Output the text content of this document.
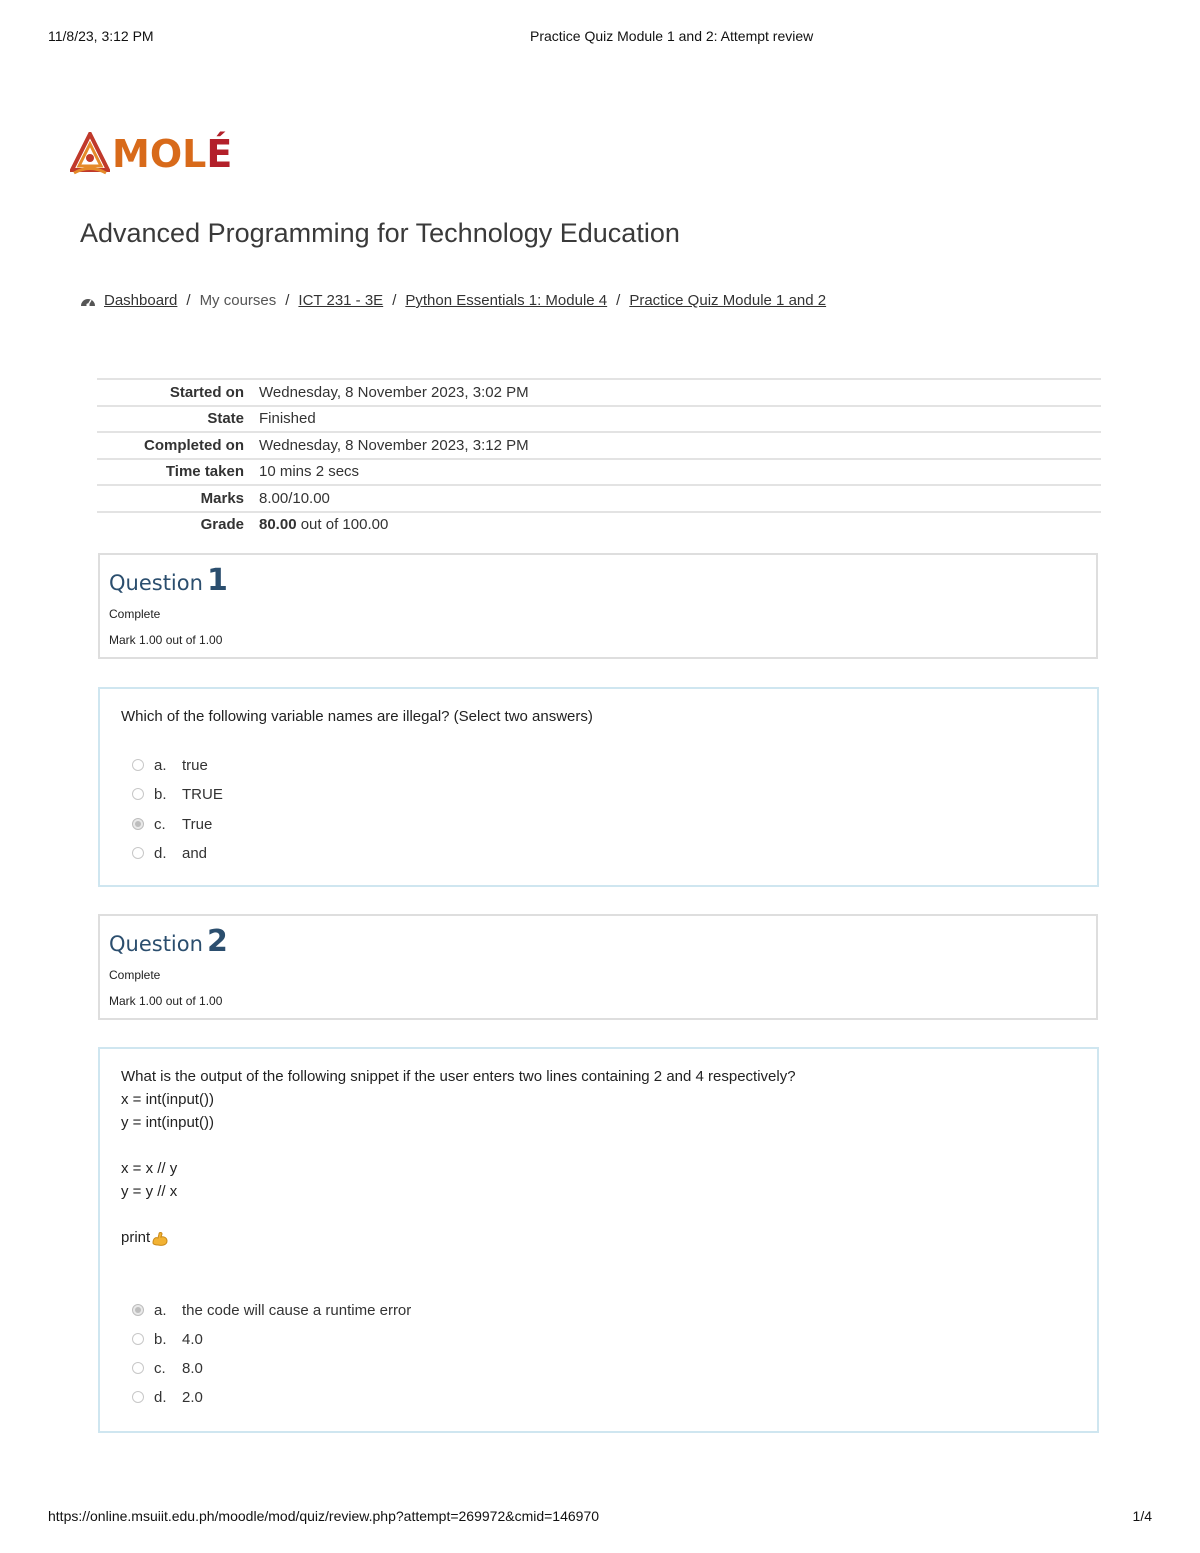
11/8/23, 3:12 PM	Practice Quiz Module 1 and 2: Attempt review
MOLÉ
Advanced Programming for Technology Education
Dashboard / My courses / ICT 231 - 3E / Python Essentials 1: Module 4 / Practice Quiz Module 1 and 2
Started on	Wednesday, 8 November 2023, 3:02 PM
State	Finished
Completed on	Wednesday, 8 November 2023, 3:12 PM
Time taken	10 mins 2 secs
Marks	8.00/10.00
Grade	80.00 out of 100.00
Question 1
Complete
Mark 1.00 out of 1.00
Which of the following variable names are illegal? (Select two answers)
a.	true
b.	TRUE
c.	True
d.	and
Question 2
Complete
Mark 1.00 out of 1.00
What is the output of the following snippet if the user enters two lines containing 2 and 4 respectively?
x = int(input())
y = int(input())
x = x // y
y = y // x
print
a.	the code will cause a runtime error
b.	4.0
c.	8.0
d.	2.0
https://online.msuiit.edu.ph/moodle/mod/quiz/review.php?attempt=269972&cmid=146970	1/4
